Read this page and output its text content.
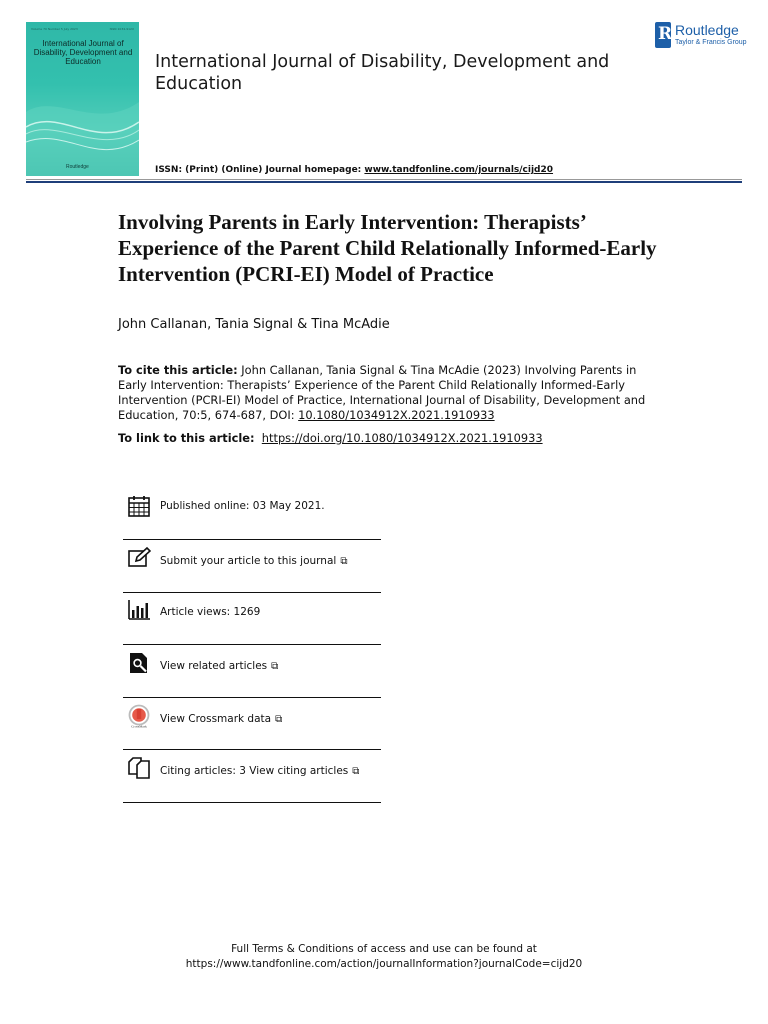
Volume 70 Number 5 July 2023	ISSN 1034-912X
International Journal of Disability, Development and Education
Routledge
International Journal of Disability, Development and Education
ISSN: (Print) (Online) Journal homepage: www.tandfonline.com/journals/cijd20
R Routledge
Taylor & Francis Group
Involving Parents in Early Intervention: Therapists’ Experience of the Parent Child Relationally Informed-Early Intervention (PCRI-EI) Model of Practice
John Callanan, Tania Signal & Tina McAdie
To cite this article: John Callanan, Tania Signal & Tina McAdie (2023) Involving Parents in Early Intervention: Therapists’ Experience of the Parent Child Relationally Informed-Early Intervention (PCRI-EI) Model of Practice, International Journal of Disability, Development and Education, 70:5, 674-687, DOI: 10.1080/1034912X.2021.1910933
To link to this article: https://doi.org/10.1080/1034912X.2021.1910933
Published online: 03 May 2021.
Submit your article to this journal ⧉
Article views: 1269
View related articles ⧉
CrossMark
View Crossmark data ⧉
Citing articles: 3 View citing articles ⧉
Full Terms & Conditions of access and use can be found at
https://www.tandfonline.com/action/journalInformation?journalCode=cijd20
